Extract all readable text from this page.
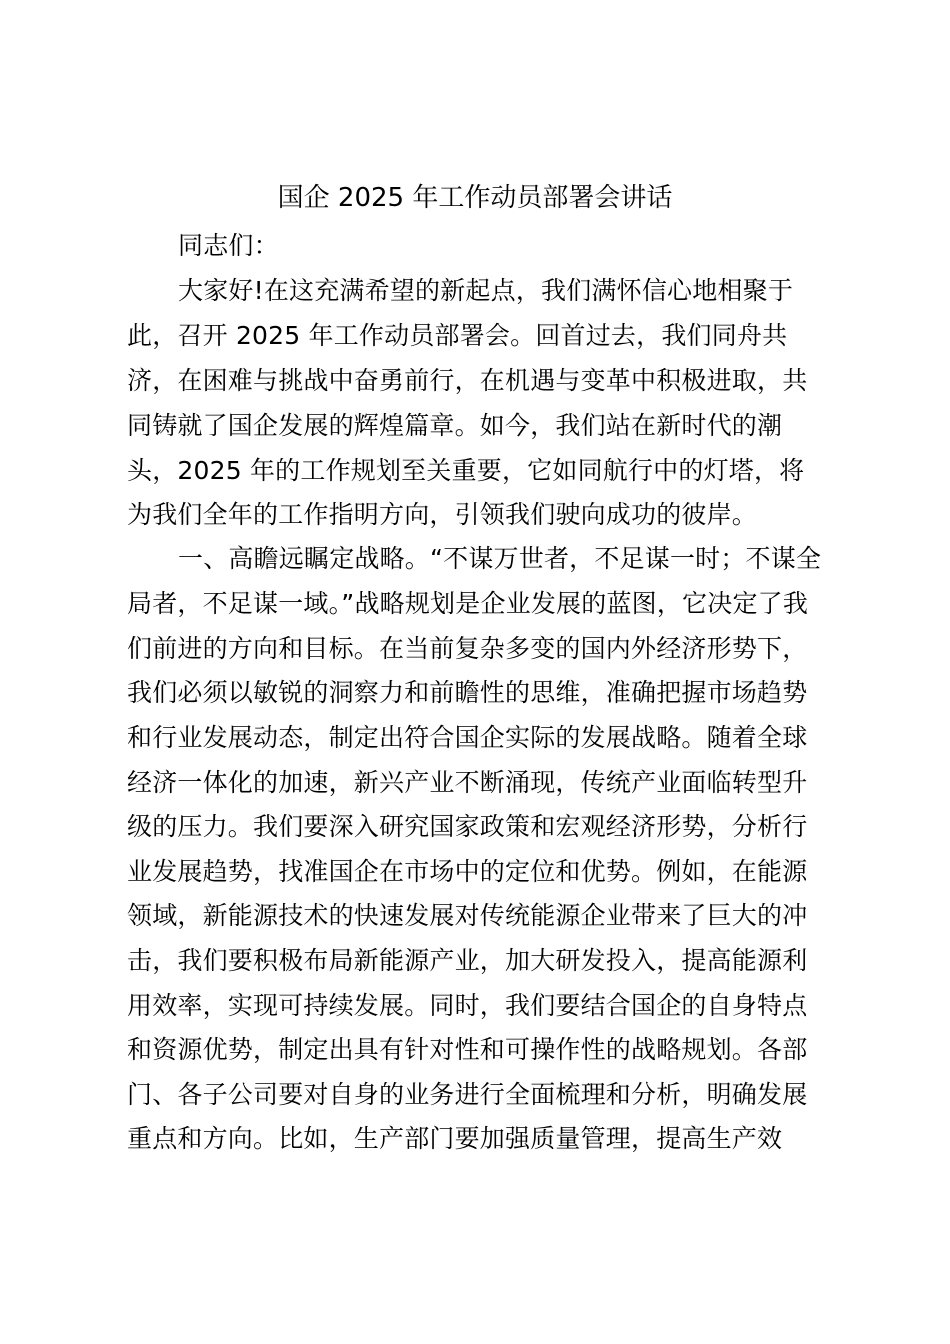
国企 2025 年工作动员部署会讲话
同志们：
大家好!在这充满希望的新起点，我们满怀信心地相聚于
此，召开 2025 年工作动员部署会。回首过去，我们同舟共
济，在困难与挑战中奋勇前行，在机遇与变革中积极进取，共
同铸就了国企发展的辉煌篇章。如今，我们站在新时代的潮
头，2025 年的工作规划至关重要，它如同航行中的灯塔，将
为我们全年的工作指明方向，引领我们驶向成功的彼岸。
一、高瞻远瞩定战略。“不谋万世者，不足谋一时；不谋全
局者，不足谋一域。”战略规划是企业发展的蓝图，它决定了我
们前进的方向和目标。在当前复杂多变的国内外经济形势下，
我们必须以敏锐的洞察力和前瞻性的思维，准确把握市场趋势
和行业发展动态，制定出符合国企实际的发展战略。随着全球
经济一体化的加速，新兴产业不断涌现，传统产业面临转型升
级的压力。我们要深入研究国家政策和宏观经济形势，分析行
业发展趋势，找准国企在市场中的定位和优势。例如，在能源
领域，新能源技术的快速发展对传统能源企业带来了巨大的冲
击，我们要积极布局新能源产业，加大研发投入，提高能源利
用效率，实现可持续发展。同时，我们要结合国企的自身特点
和资源优势，制定出具有针对性和可操作性的战略规划。各部
门、各子公司要对自身的业务进行全面梳理和分析，明确发展
重点和方向。比如，生产部门要加强质量管理，提高生产效
